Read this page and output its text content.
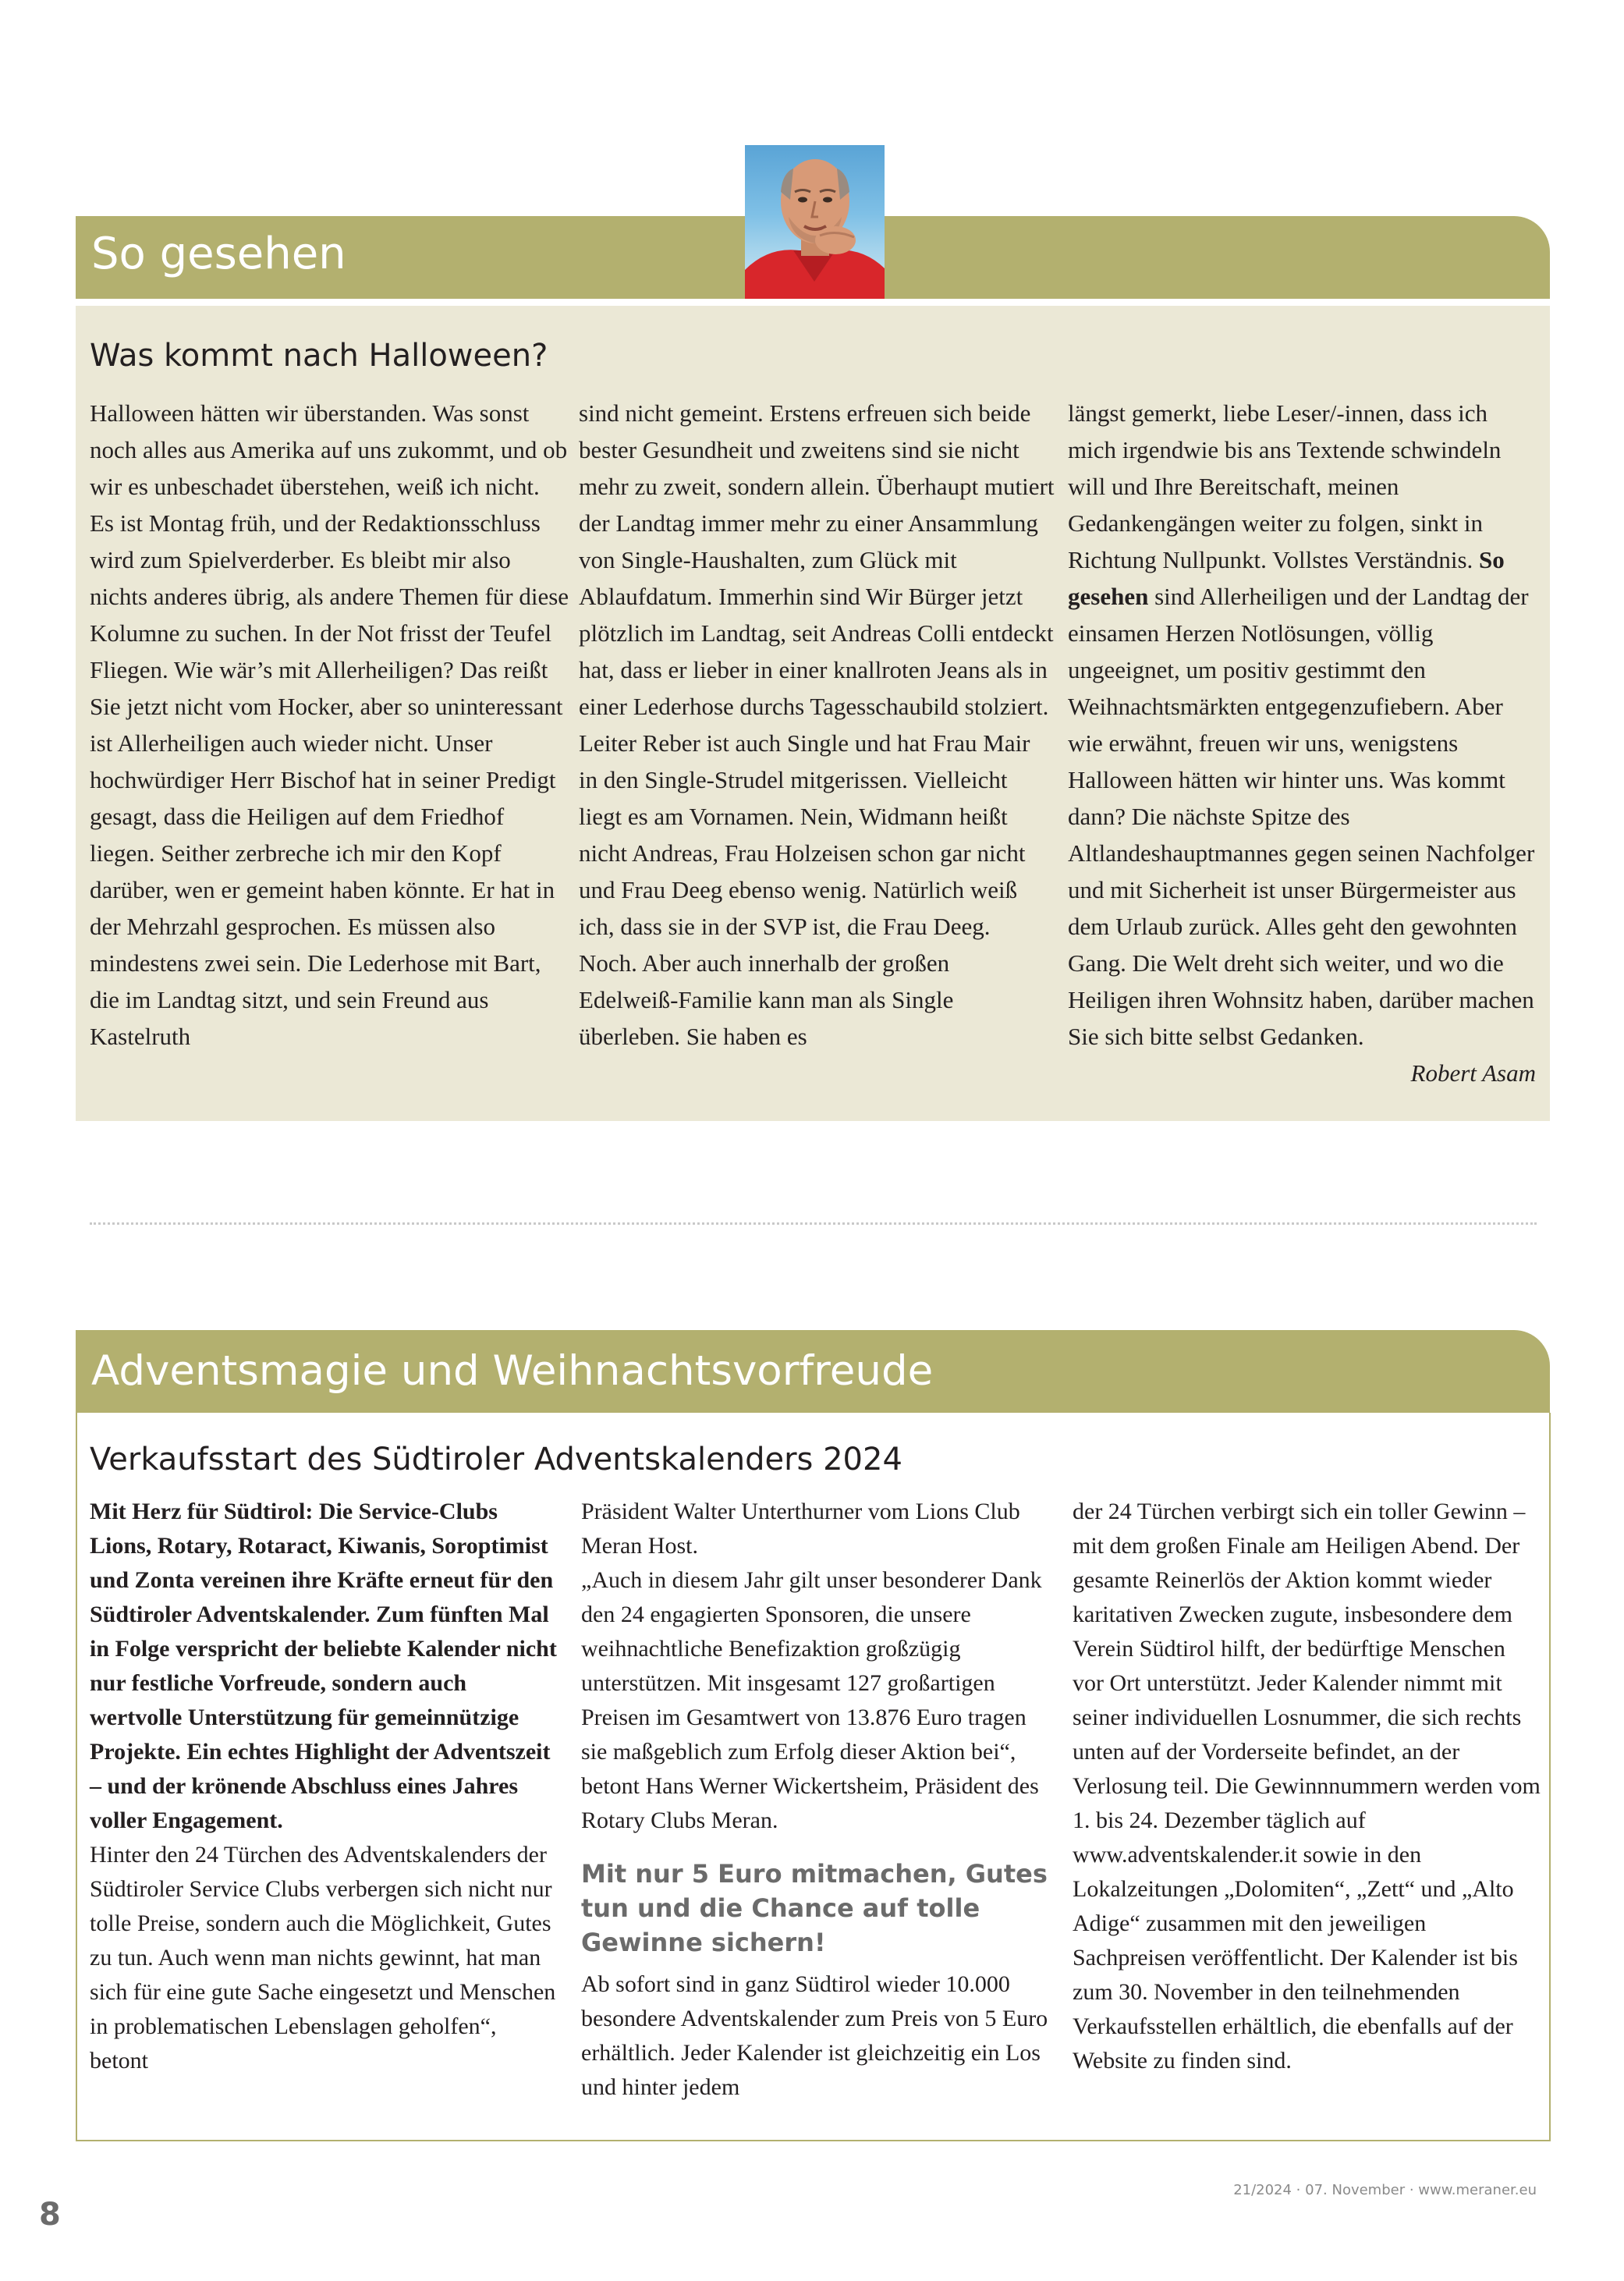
So gesehen
Was kommt nach Halloween?

Halloween hätten wir überstanden. Was sonst noch alles aus Amerika auf uns zukommt, und ob wir es unbeschadet überstehen, weiß ich nicht. Es ist Montag früh, und der Redaktionsschluss wird zum Spielverderber. Es bleibt mir also nichts anderes übrig, als andere Themen für diese Kolumne zu suchen. In der Not frisst der Teufel Fliegen. Wie wär’s mit Allerheiligen? Das reißt Sie jetzt nicht vom Hocker, aber so uninteressant ist Allerheiligen auch wieder nicht. Unser hochwürdiger Herr Bischof hat in seiner Predigt gesagt, dass die Heiligen auf dem Friedhof liegen. Seither zerbreche ich mir den Kopf darüber, wen er gemeint haben könnte. Er hat in der Mehrzahl gesprochen. Es müssen also mindestens zwei sein. Die Lederhose mit Bart, die im Landtag sitzt, und sein Freund aus Kastelruth

sind nicht gemeint. Erstens erfreuen sich beide bester Gesundheit und zweitens sind sie nicht mehr zu zweit, sondern allein. Überhaupt mutiert der Landtag immer mehr zu einer Ansammlung von Single-Haushalten, zum Glück mit Ablaufdatum. Immerhin sind Wir Bürger jetzt plötzlich im Landtag, seit Andreas Colli entdeckt hat, dass er lieber in einer knallroten Jeans als in einer Lederhose durchs Tagesschaubild stolziert. Leiter Reber ist auch Single und hat Frau Mair in den Single-Strudel mitgerissen. Vielleicht liegt es am Vornamen. Nein, Widmann heißt nicht Andreas, Frau Holzeisen schon gar nicht und Frau Deeg ebenso wenig. Natürlich weiß ich, dass sie in der SVP ist, die Frau Deeg. Noch. Aber auch innerhalb der großen Edelweiß-Familie kann man als Single überleben. Sie haben es

längst gemerkt, liebe Leser/-innen, dass ich mich irgendwie bis ans Textende schwindeln will und Ihre Bereitschaft, meinen Gedankengängen weiter zu folgen, sinkt in Richtung Nullpunkt. Vollstes Verständnis. So gesehen sind Allerheiligen und der Landtag der einsamen Herzen Notlösungen, völlig ungeeignet, um positiv gestimmt den Weihnachtsmärkten entgegenzufiebern. Aber wie erwähnt, freuen wir uns, wenigstens Halloween hätten wir hinter uns. Was kommt dann? Die nächste Spitze des Altlandeshauptmannes gegen seinen Nachfolger und mit Sicherheit ist unser Bürgermeister aus dem Urlaub zurück. Alles geht den gewohnten Gang. Die Welt dreht sich weiter, und wo die Heiligen ihren Wohnsitz haben, darüber machen Sie sich bitte selbst Gedanken.

Robert Asam
Adventsmagie und Weihnachtsvorfreude
Verkaufsstart des Südtiroler Adventskalenders 2024

Mit Herz für Südtirol: Die Service-Clubs Lions, Rotary, Rotaract, Kiwanis, Soroptimist und Zonta vereinen ihre Kräfte erneut für den Südtiroler Adventskalender. Zum fünften Mal in Folge verspricht der beliebte Kalender nicht nur festliche Vorfreude, sondern auch wertvolle Unterstützung für gemeinnützige Projekte. Ein echtes Highlight der Adventszeit – und der krönende Abschluss eines Jahres voller Engagement.

Hinter den 24 Türchen des Adventskalenders der Südtiroler Service Clubs verbergen sich nicht nur tolle Preise, sondern auch die Möglichkeit, Gutes zu tun. Auch wenn man nichts gewinnt, hat man sich für eine gute Sache eingesetzt und Menschen in problematischen Lebenslagen geholfen“, betont

Präsident Walter Unterthurner vom Lions Club Meran Host.

„Auch in diesem Jahr gilt unser besonderer Dank den 24 engagierten Sponsoren, die unsere weihnachtliche Benefizaktion großzügig unterstützen. Mit insgesamt 127 großartigen Preisen im Gesamtwert von 13.876 Euro tragen sie maßgeblich zum Erfolg dieser Aktion bei“, betont Hans Werner Wickertsheim, Präsident des Rotary Clubs Meran.

Mit nur 5 Euro mitmachen, Gutes tun und die Chance auf tolle Gewinne sichern!

Ab sofort sind in ganz Südtirol wieder 10.000 besondere Adventskalender zum Preis von 5 Euro erhältlich. Jeder Kalender ist gleichzeitig ein Los und hinter jedem

der 24 Türchen verbirgt sich ein toller Gewinn – mit dem großen Finale am Heiligen Abend. Der gesamte Reinerlös der Aktion kommt wieder karitativen Zwecken zugute, insbesondere dem Verein Südtirol hilft, der bedürftige Menschen vor Ort unterstützt. Jeder Kalender nimmt mit seiner individuellen Losnummer, die sich rechts unten auf der Vorderseite befindet, an der Verlosung teil. Die Gewinnnummern werden vom 1. bis 24. Dezember täglich auf www.adventskalender.it sowie in den Lokalzeitungen „Dolomiten“, „Zett“ und „Alto Adige“ zusammen mit den jeweiligen Sachpreisen veröffentlicht. Der Kalender ist bis zum 30. November in den teilnehmenden Verkaufsstellen erhältlich, die ebenfalls auf der Website zu finden sind.

21/2024 · 07. November · www.meraner.eu

8
